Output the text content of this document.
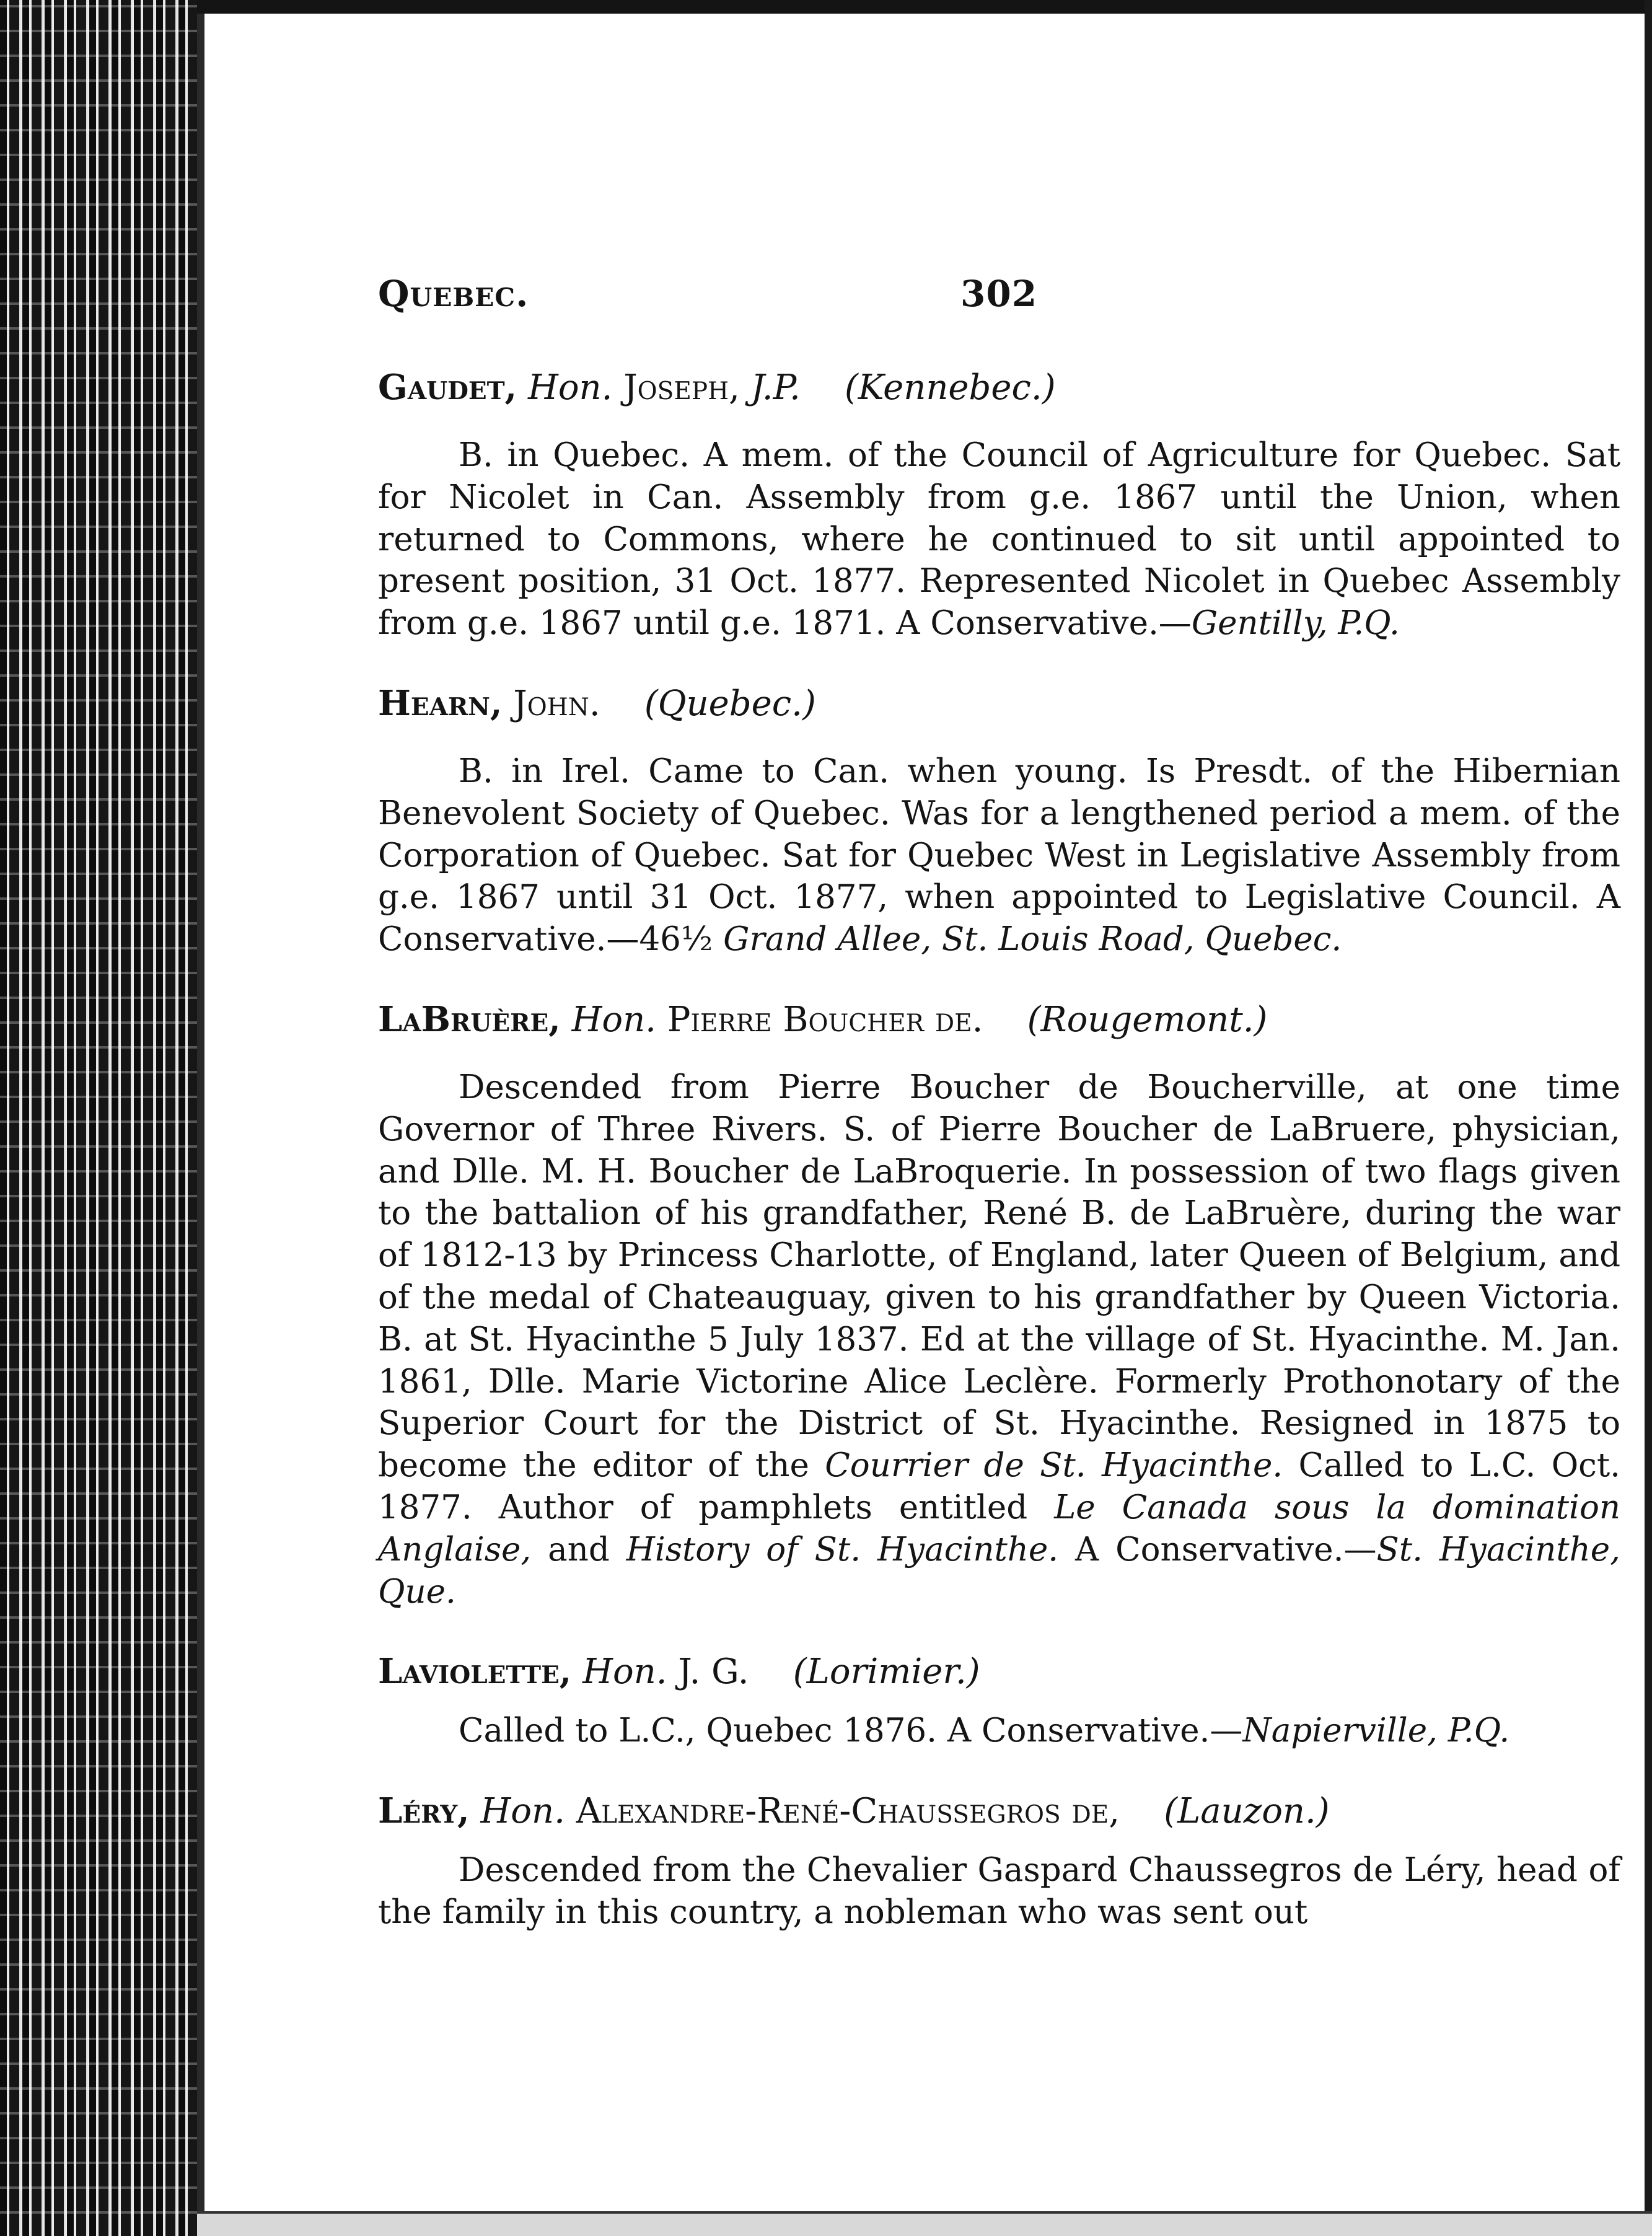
Quebec.	302
Gaudet, Hon. Joseph, J.P. (Kennebec.)

B. in Quebec. A mem. of the Council of Agriculture for Quebec. Sat for Nicolet in Can. Assembly from g.e. 1867 until the Union, when returned to Commons, where he continued to sit until appointed to present position, 31 Oct. 1877. Represented Nicolet in Quebec Assembly from g.e. 1867 until g.e. 1871. A Conservative.—Gentilly, P.Q.

Hearn, John. (Quebec.)

B. in Irel. Came to Can. when young. Is Presdt. of the Hibernian Benevolent Society of Quebec. Was for a lengthened period a mem. of the Corporation of Quebec. Sat for Quebec West in Legislative Assembly from g.e. 1867 until 31 Oct. 1877, when appointed to Legislative Council. A Conservative.—46½ Grand Allee, St. Louis Road, Quebec.

LaBruère, Hon. Pierre Boucher de. (Rougemont.)

Descended from Pierre Boucher de Boucherville, at one time Governor of Three Rivers. S. of Pierre Boucher de LaBruere, physician, and Dlle. M. H. Boucher de LaBroquerie. In possession of two flags given to the battalion of his grandfather, René B. de LaBruère, during the war of 1812-13 by Princess Charlotte, of England, later Queen of Belgium, and of the medal of Chateauguay, given to his grandfather by Queen Victoria. B. at St. Hyacinthe 5 July 1837. Ed at the village of St. Hyacinthe. M. Jan. 1861, Dlle. Marie Victorine Alice Leclère. Formerly Prothonotary of the Superior Court for the District of St. Hyacinthe. Resigned in 1875 to become the editor of the Courrier de St. Hyacinthe. Called to L.C. Oct. 1877. Author of pamphlets entitled Le Canada sous la domination Anglaise, and History of St. Hyacinthe. A Conservative.—St. Hyacinthe, Que.

Laviolette, Hon. J. G. (Lorimier.)

Called to L.C., Quebec 1876. A Conservative.—Napierville, P.Q.

Léry, Hon. Alexandre-René-Chaussegros de, (Lauzon.)

Descended from the Chevalier Gaspard Chaussegros de Léry, head of the family in this country, a nobleman who was sent out
